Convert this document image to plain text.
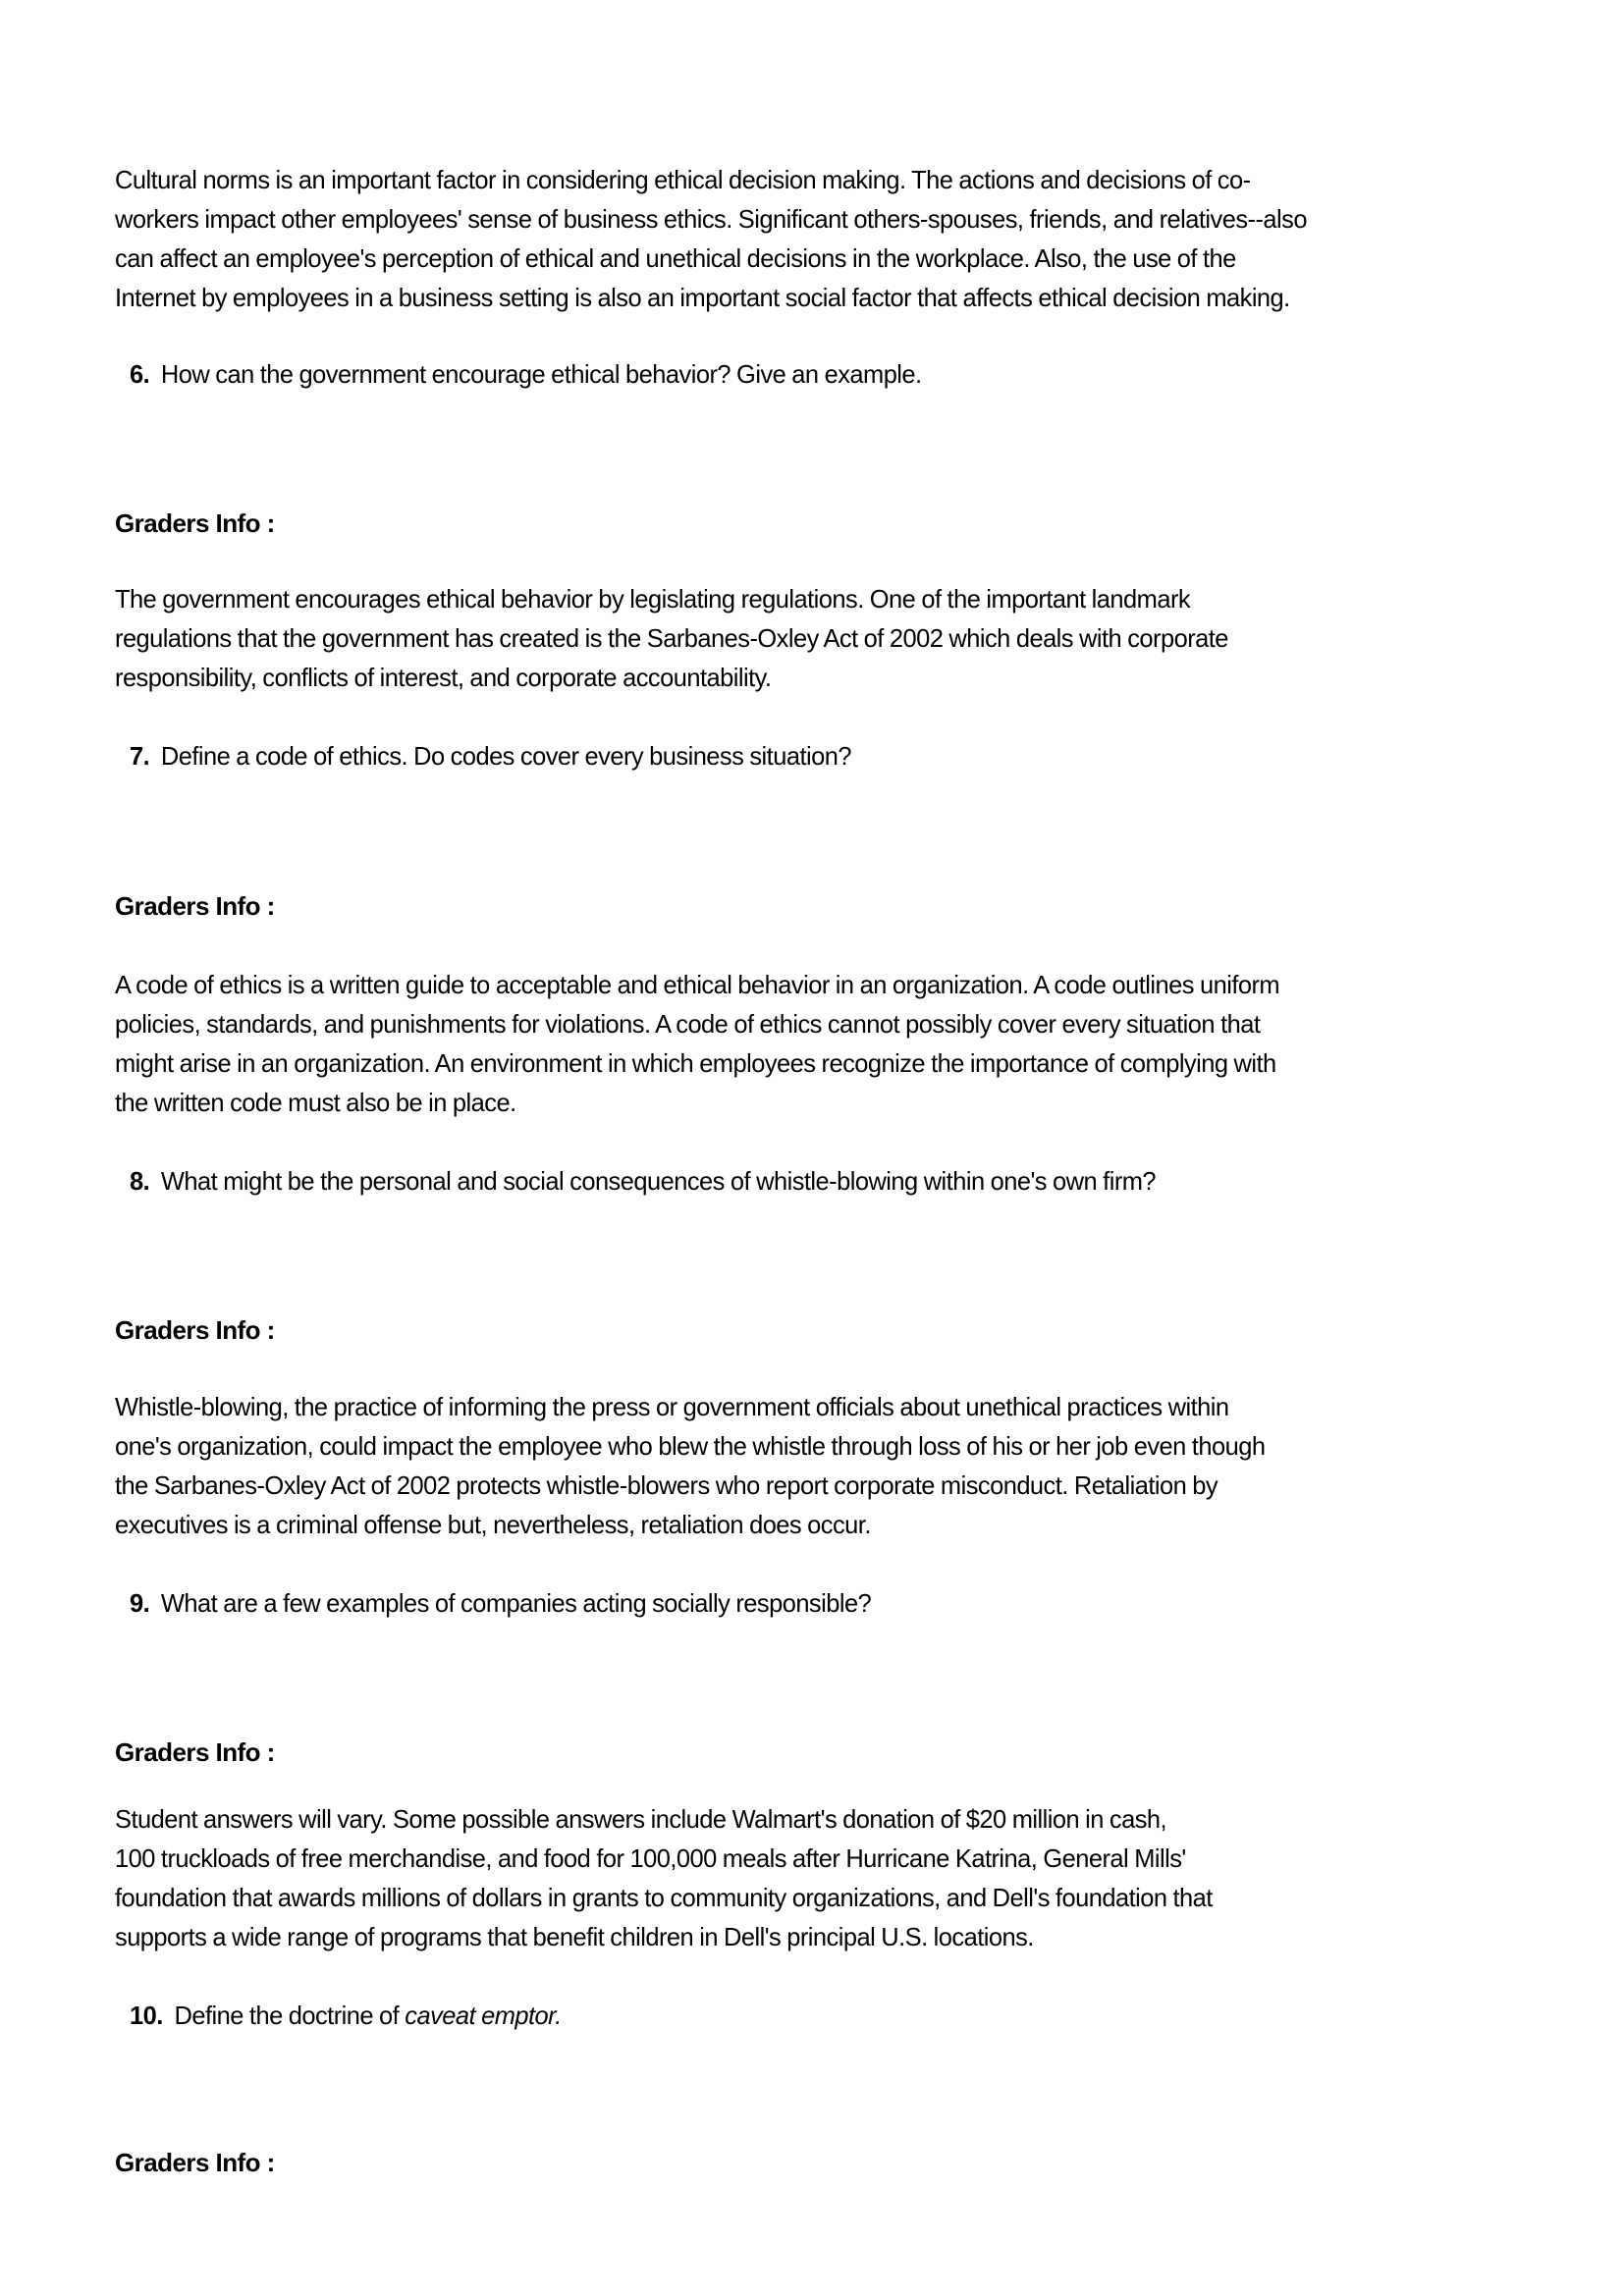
Cultural norms is an important factor in considering ethical decision making. The actions and decisions of co-
workers impact other employees' sense of business ethics. Significant others-spouses, friends, and relatives--also
can affect an employee's perception of ethical and unethical decisions in the workplace. Also, the use of the
Internet by employees in a business setting is also an important social factor that affects ethical decision making.
6. How can the government encourage ethical behavior? Give an example.
Graders Info :
The government encourages ethical behavior by legislating regulations. One of the important landmark
regulations that the government has created is the Sarbanes-Oxley Act of 2002 which deals with corporate
responsibility, conflicts of interest, and corporate accountability.
7. Define a code of ethics. Do codes cover every business situation?
Graders Info :
A code of ethics is a written guide to acceptable and ethical behavior in an organization. A code outlines uniform
policies, standards, and punishments for violations. A code of ethics cannot possibly cover every situation that
might arise in an organization. An environment in which employees recognize the importance of complying with
the written code must also be in place.
8. What might be the personal and social consequences of whistle-blowing within one's own firm?
Graders Info :
Whistle-blowing, the practice of informing the press or government officials about unethical practices within
one's organization, could impact the employee who blew the whistle through loss of his or her job even though
the Sarbanes-Oxley Act of 2002 protects whistle-blowers who report corporate misconduct. Retaliation by
executives is a criminal offense but, nevertheless, retaliation does occur.
9. What are a few examples of companies acting socially responsible?
Graders Info :
Student answers will vary. Some possible answers include Walmart's donation of $20 million in cash,
100 truckloads of free merchandise, and food for 100,000 meals after Hurricane Katrina, General Mills'
foundation that awards millions of dollars in grants to community organizations, and Dell's foundation that
supports a wide range of programs that benefit children in Dell's principal U.S. locations.
10. Define the doctrine of caveat emptor.
Graders Info :
